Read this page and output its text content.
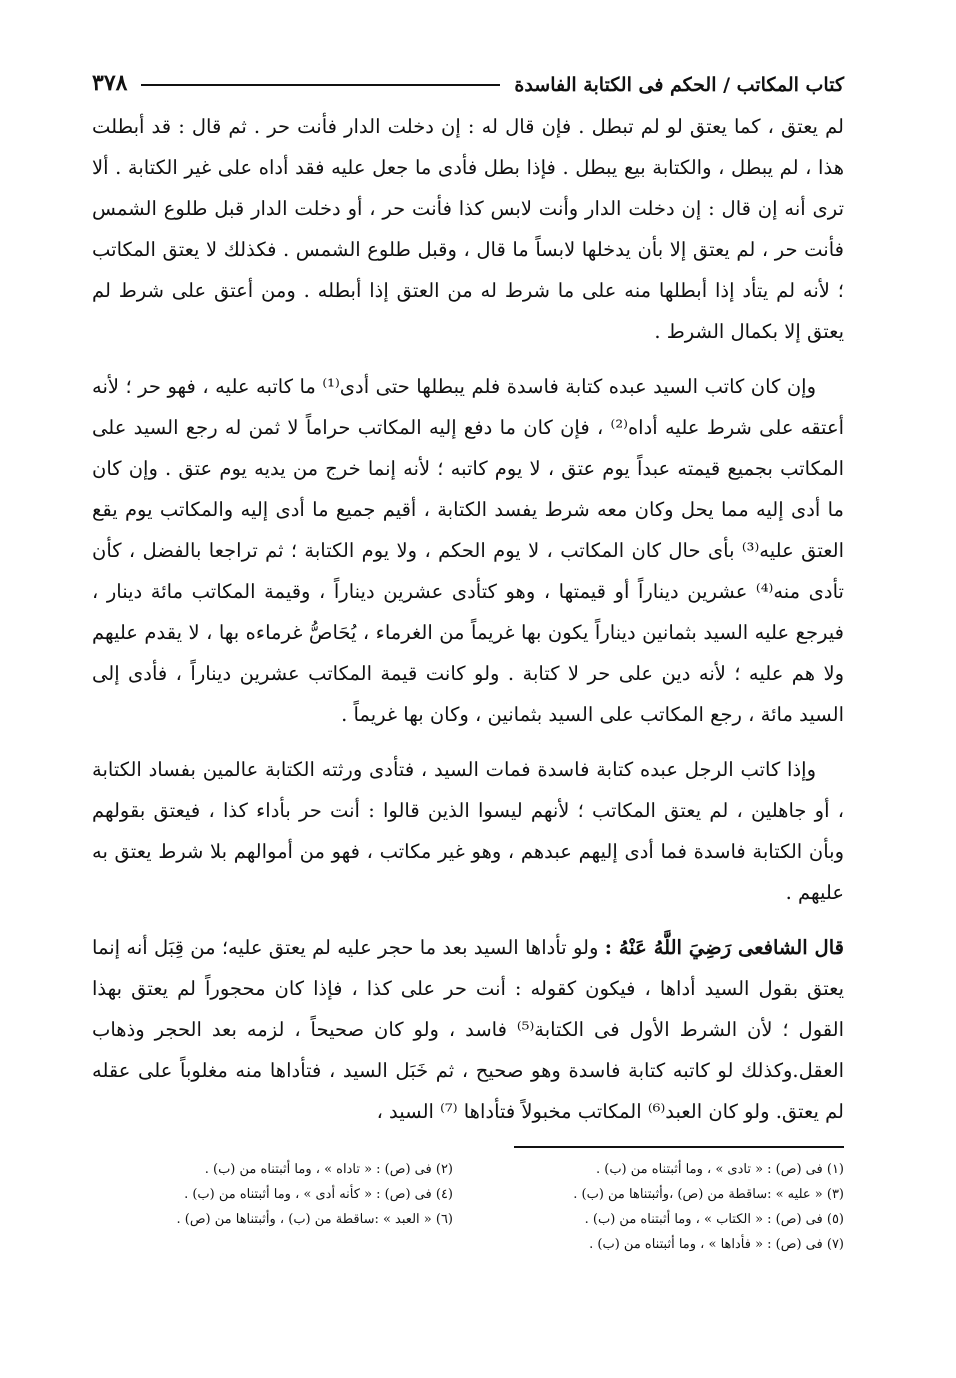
كتاب المكاتب / الحكم فى الكتابة الفاسدة
٣٧٨

لم يعتق ، كما يعتق لو لم تبطل . فإن قال له : إن دخلت الدار فأنت حر . ثم قال : قد أبطلت هذا ، لم يبطل ، والكتابة بيع يبطل . فإذا بطل فأدى ما جعل عليه فقد أداه على غير الكتابة . ألا ترى أنه إن قال : إن دخلت الدار وأنت لابس كذا فأنت حر ، أو دخلت الدار قبل طلوع الشمس فأنت حر ، لم يعتق إلا بأن يدخلها لابساً ما قال ، وقبل طلوع الشمس . فكذلك لا يعتق المكاتب ؛ لأنه لم يتأد إذا أبطلها منه على ما شرط له من العتق إذا أبطله . ومن أعتق على شرط لم يعتق إلا بكمال الشرط .

وإن كان كاتب السيد عبده كتابة فاسدة فلم يبطلها حتى أدى⁽¹⁾ ما كاتبه عليه ، فهو حر ؛ لأنه أعتقه على شرط عليه أداه⁽²⁾ ، فإن كان ما دفع إليه المكاتب حراماً لا ثمن له رجع السيد على المكاتب بجميع قيمته عبداً يوم عتق ، لا يوم كاتبه ؛ لأنه إنما خرج من يديه يوم عتق . وإن كان ما أدى إليه مما يحل وكان معه شرط يفسد الكتابة ، أقيم جميع ما أدى إليه والمكاتب يوم يقع العتق عليه⁽³⁾ بأى حال كان المكاتب ، لا يوم الحكم ، ولا يوم الكتابة ؛ ثم تراجعا بالفضل ، كأن تأدى منه⁽⁴⁾ عشرين ديناراً أو قيمتها ، وهو كتأدى عشرين ديناراً ، وقيمة المكاتب مائة دينار ، فيرجع عليه السيد بثمانين ديناراً يكون بها غريماً من الغرماء ، يُحَاصُّ غرماءه بها ، لا يقدم عليهم ولا هم عليه ؛ لأنه دين على حر لا كتابة . ولو كانت قيمة المكاتب عشرين ديناراً ، فأدى إلى السيد مائة ، رجع المكاتب على السيد بثمانين ، وكان بها غريماً .

وإذا كاتب الرجل عبده كتابة فاسدة فمات السيد ، فتأدى ورثته الكتابة عالمين بفساد الكتابة ، أو جاهلين ، لم يعتق المكاتب ؛ لأنهم ليسوا الذين قالوا : أنت حر بأداء كذا ، فيعتق بقولهم وبأن الكتابة فاسدة فما أدى إليهم عبدهم ، وهو غير مكاتب ، فهو من أموالهم بلا شرط يعتق به عليهم .

قال الشافعى رَضِيَ اللَّهُ عَنْهُ : ولو تأداها السيد بعد ما حجر عليه لم يعتق عليه؛ من قِبَل أنه إنما يعتق بقول السيد أداها ، فيكون كقوله : أنت حر على كذا ، فإذا كان محجوراً لم يعتق بهذا القول ؛ لأن الشرط الأول فى الكتابة⁽⁵⁾ فاسد ، ولو كان صحيحاً ، لزمه بعد الحجر وذهاب العقل.وكذلك لو كاتبه كتابة فاسدة وهو صحيح ، ثم خَبَل السيد ، فتأداها منه مغلوباً على عقله لم يعتق. ولو كان العبد⁽⁶⁾ المكاتب مخبولاً فتأداها ⁽⁷⁾ السيد ،

(١) فى (ص) : « تادى » ، وما أثبتناه من (ب) .
(٢) فى (ص) : « تاداه » ، وما أثبتناه من (ب) .
(٣) « عليه » :ساقطة من (ص) ،وأثبتناها من (ب) .
(٤) فى (ص) : « كأنه أدى » ، وما أثبتناه من (ب) .
(٥) فى (ص) : « الكتاب » ، وما أثبتناه من (ب) .
(٦) « العبد » :ساقطة من (ب) ، وأثبتناها من (ص) .
(٧) فى (ص) : « فأداها » ، وما أثبتناه من (ب) .
